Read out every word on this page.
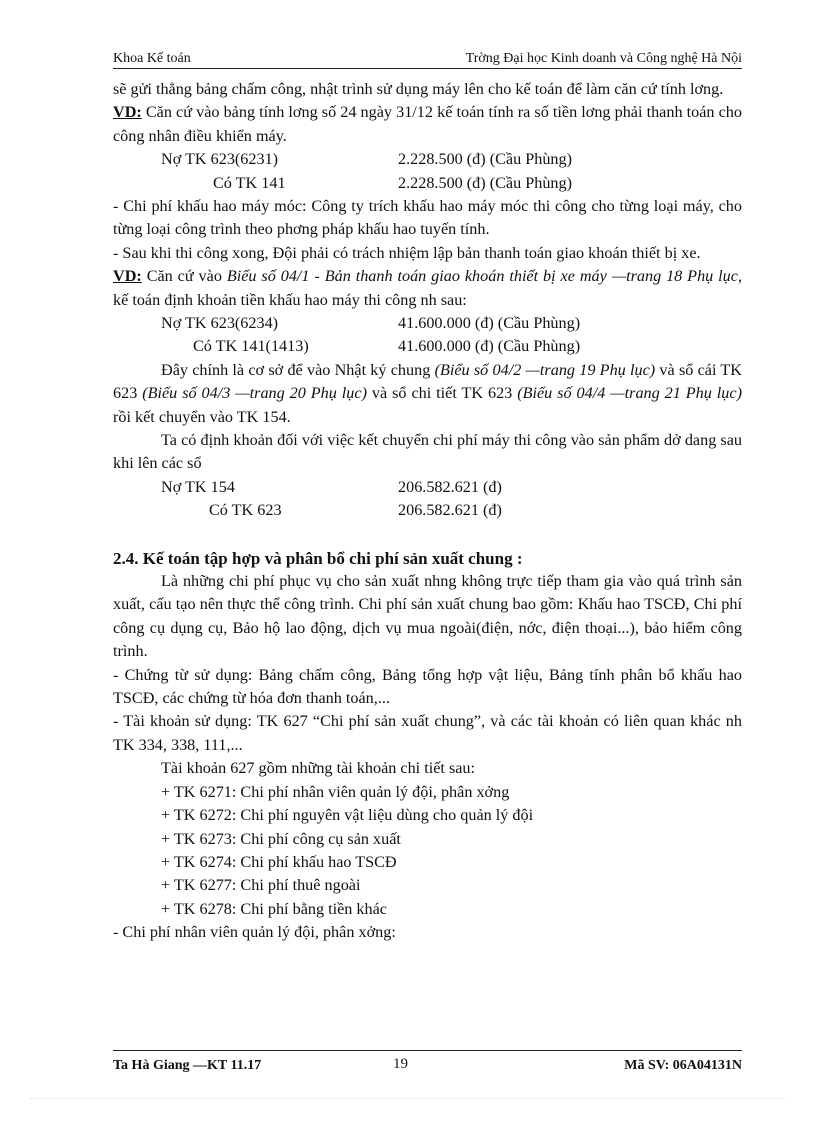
Khoa Kế toán	Trờng Đại học Kinh doanh và Công nghệ Hà Nội

sẽ gửi thẳng bảng chấm công, nhật trình sử dụng máy lên cho kế toán để làm căn cứ tính lơng.

VD: Căn cứ vào bảng tính lơng số 24 ngày 31/12 kế toán tính ra số tiền lơng phải thanh toán cho công nhân điều khiển máy.

Nợ TK 623(6231)	2.228.500 (đ) (Cầu Phùng)
Có TK 141	2.228.500 (đ) (Cầu Phùng)

- Chi phí khấu hao máy móc: Công ty trích khấu hao máy móc thi công cho từng loại máy, cho từng loại công trình theo phơng pháp khấu hao tuyến tính.

- Sau khi thi công xong, Đội phải có trách nhiệm lập bản thanh toán giao khoán thiết bị xe.

VD: Căn cứ vào Biểu số 04/1 - Bản thanh toán giao khoán thiết bị xe máy —trang 18 Phụ lục, kế toán định khoản tiền khấu hao máy thi công nh sau:

Nợ TK 623(6234)	41.600.000 (đ) (Cầu Phùng)
Có TK 141(1413)	41.600.000 (đ) (Cầu Phùng)

Đây chính là cơ sở để vào Nhật ký chung (Biểu số 04/2 —trang 19 Phụ lục) và sổ cái TK 623 (Biểu số 04/3 —trang 20 Phụ lục) và sổ chi tiết TK 623 (Biểu số 04/4 —trang 21 Phụ lục) rồi kết chuyển vào TK 154.

Ta có định khoản đối với việc kết chuyển chi phí máy thi công vào sản phẩm dở dang sau khi lên các sổ

Nợ TK 154	206.582.621 (đ)
Có TK 623	206.582.621 (đ)
2.4. Kế toán tập hợp và phân bổ chi phí sản xuất chung :

Là những chi phí phục vụ cho sản xuất nhng không trực tiếp tham gia vào quá trình sản xuất, cấu tạo nên thực thể công trình. Chi phí sản xuất chung bao gồm: Khấu hao TSCĐ, Chi phí công cụ dụng cụ, Bảo hộ lao động, dịch vụ mua ngoài(điện, nớc, điện thoại...), bảo hiểm công trình.

- Chứng từ sử dụng: Bảng chấm công, Bảng tổng hợp vật liệu, Bảng tính phân bổ khấu hao TSCĐ, các chứng từ hóa đơn thanh toán,...

- Tài khoản sử dụng: TK 627 “Chi phí sản xuất chung”, và các tài khoản có liên quan khác nh TK 334, 338, 111,...

Tài khoản 627 gồm những tài khoản chi tiết sau:

+ TK 6271: Chi phí nhân viên quản lý đội, phân xởng
+ TK 6272: Chi phí nguyên vật liệu dùng cho quản lý đội
+ TK 6273: Chi phí công cụ sản xuất
+ TK 6274: Chi phí khấu hao TSCĐ
+ TK 6277: Chi phí thuê ngoài
+ TK 6278: Chi phí bằng tiền khác

- Chi phí nhân viên quản lý đội, phân xởng:

Ta Hà Giang —KT 11.17	19	Mã SV: 06A04131N
